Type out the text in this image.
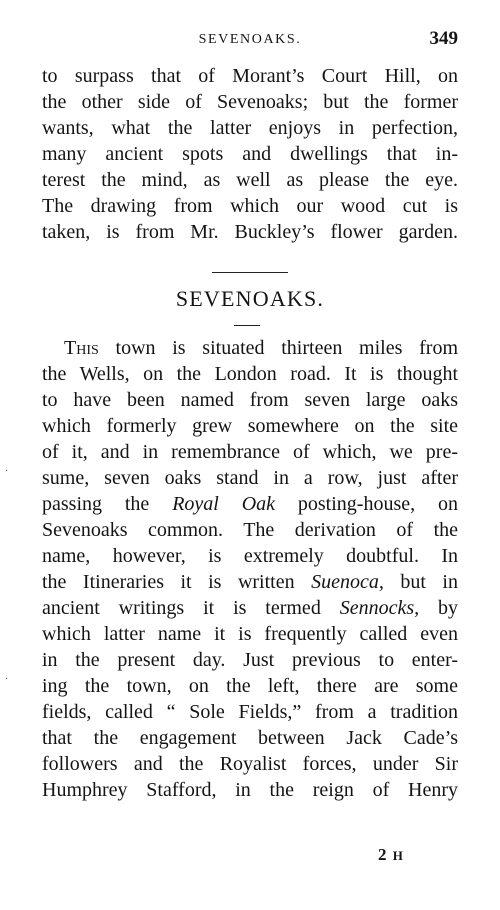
SEVENOAKS.	349
to surpass that of Morant’s Court Hill, on
the other side of Sevenoaks; but the former
wants, what the latter enjoys in perfection,
many ancient spots and dwellings that in-
terest the mind, as well as please the eye.
The drawing from which our wood cut is
taken, is from Mr. Buckley’s flower garden.
SEVENOAKS.
This town is situated thirteen miles from
the Wells, on the London road. It is thought
to have been named from seven large oaks
which formerly grew somewhere on the site
of it, and in remembrance of which, we pre-
sume, seven oaks stand in a row, just after
passing the Royal Oak posting-house, on
Sevenoaks common. The derivation of the
name, however, is extremely doubtful. In
the Itineraries it is written Suenoca, but in
ancient writings it is termed Sennocks, by
which latter name it is frequently called even
in the present day. Just previous to enter-
ing the town, on the left, there are some
fields, called “ Sole Fields,” from a tradition
that the engagement between Jack Cade’s
followers and the Royalist forces, under Sir
Humphrey Stafford, in the reign of Henry
2 H
·
·
